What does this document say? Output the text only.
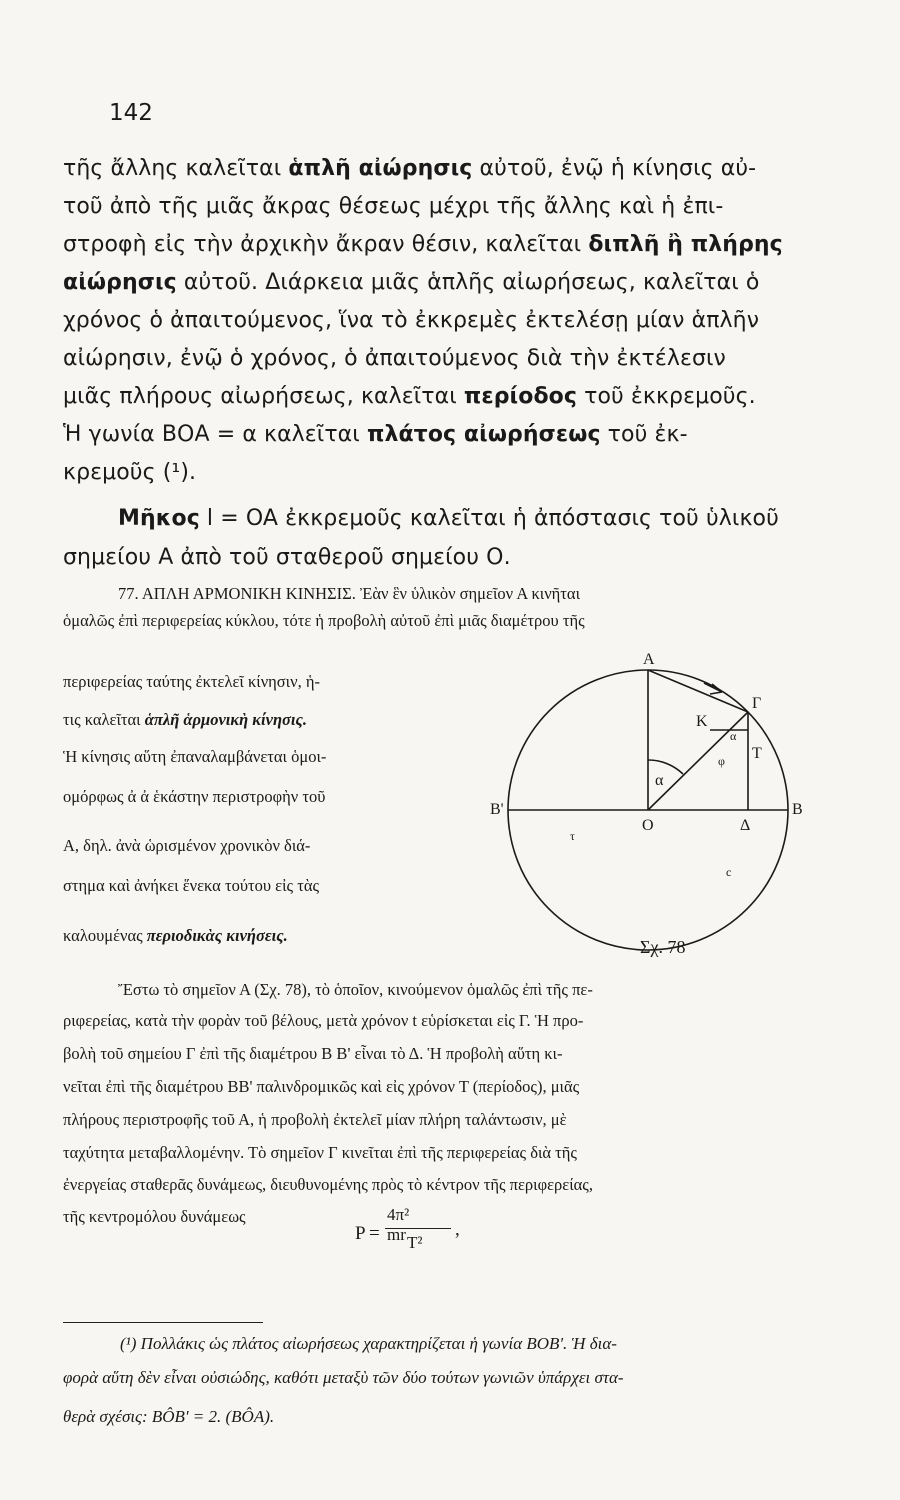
142
τῆς ἄλλης καλεῖται ἁπλῆ αἰώρησις αὐτοῦ, ἐνῷ ἡ κίνησις αὐ-
τοῦ ἀπὸ τῆς μιᾶς ἄκρας θέσεως μέχρι τῆς ἄλλης καὶ ἡ ἐπι-
στροφὴ εἰς τὴν ἀρχικὴν ἄκραν θέσιν, καλεῖται διπλῆ ἢ πλήρης
αἰώρησις αὐτοῦ. Διάρκεια μιᾶς ἁπλῆς αἰωρήσεως, καλεῖται ὁ
χρόνος ὁ ἀπαιτούμενος, ἵνα τὸ ἐκκρεμὲς ἐκτελέσῃ μίαν ἁπλῆν
αἰώρησιν, ἐνῷ ὁ χρόνος, ὁ ἀπαιτούμενος διὰ τὴν ἐκτέλεσιν
μιᾶς πλήρους αἰωρήσεως, καλεῖται περίοδος τοῦ ἐκκρεμοῦς.
Ἡ γωνία ΒΟΑ = α καλεῖται πλάτος αἰωρήσεως τοῦ ἐκ-
κρεμοῦς (¹).
Μῆκος l = OA ἐκκρεμοῦς καλεῖται ἡ ἀπόστασις τοῦ ὑλικοῦ
σημείου Α ἀπὸ τοῦ σταθεροῦ σημείου Ο.
77. ΑΠΛΗ ΑΡΜΟΝΙΚΗ ΚΙΝΗΣΙΣ. Ἐὰν ἓν ὑλικὸν σημεῖον Α κινῆται
ὁμαλῶς ἐπὶ περιφερείας κύκλου, τότε ἡ προβολὴ αὐτοῦ ἐπὶ μιᾶς διαμέτρου τῆς
περιφερείας ταύτης ἐκτελεῖ κίνησιν, ἡ-
τις καλεῖται ἁπλῆ ἁρμονικὴ κίνησις.
Ἡ κίνησις αὕτη ἐπαναλαμβάνεται ὁμοι-
ομόρφως ἀ ἀ ἑκάστην περιστροφὴν τοῦ
Α, δηλ. ἀνὰ ὡρισμένον χρονικὸν διά-
στημα καὶ ἀνήκει ἕνεκα τούτου εἰς τὰς
καλουμένας περιοδικὰς κινήσεις.
Α
Κ
Γ
Τ
α
φ
α
Ο	Δ
Β
Β'
τ
c
Σχ. 78
Ἔστω τὸ σημεῖον Α (Σχ. 78), τὸ ὁποῖον, κινούμενον ὁμαλῶς ἐπὶ τῆς πε-
ριφερείας, κατὰ τὴν φορὰν τοῦ βέλους, μετὰ χρόνον t εὑρίσκεται εἰς Γ. Ἡ προ-
βολὴ τοῦ σημείου Γ ἐπὶ τῆς διαμέτρου Β Β' εἶναι τὸ Δ. Ἡ προβολὴ αὕτη κι-
νεῖται ἐπὶ τῆς διαμέτρου ΒΒ' παλινδρομικῶς καὶ εἰς χρόνον Τ (περίοδος), μιᾶς
πλήρους περιστροφῆς τοῦ Α, ἡ προβολὴ ἐκτελεῖ μίαν πλήρη ταλάντωσιν, μὲ
ταχύτητα μεταβαλλομένην. Τὸ σημεῖον Γ κινεῖται ἐπὶ τῆς περιφερείας διὰ τῆς
ἐνεργείας σταθερᾶς δυνάμεως, διευθυνομένης πρὸς τὸ κέντρον τῆς περιφερείας,
τῆς κεντρομόλου δυνάμεως
P =
4π² mr T²
,
(¹) Πολλάκις ὡς πλάτος αἰωρήσεως χαρακτηρίζεται ἡ γωνία ΒΟΒ'. Ἡ δια-
φορὰ αὕτη δὲν εἶναι οὐσιώδης, καθότι μεταξὺ τῶν δύο τούτων γωνιῶν ὑπάρχει στα-
θερὰ σχέσις: ΒÔΒ' = 2. (ΒÔΑ).
